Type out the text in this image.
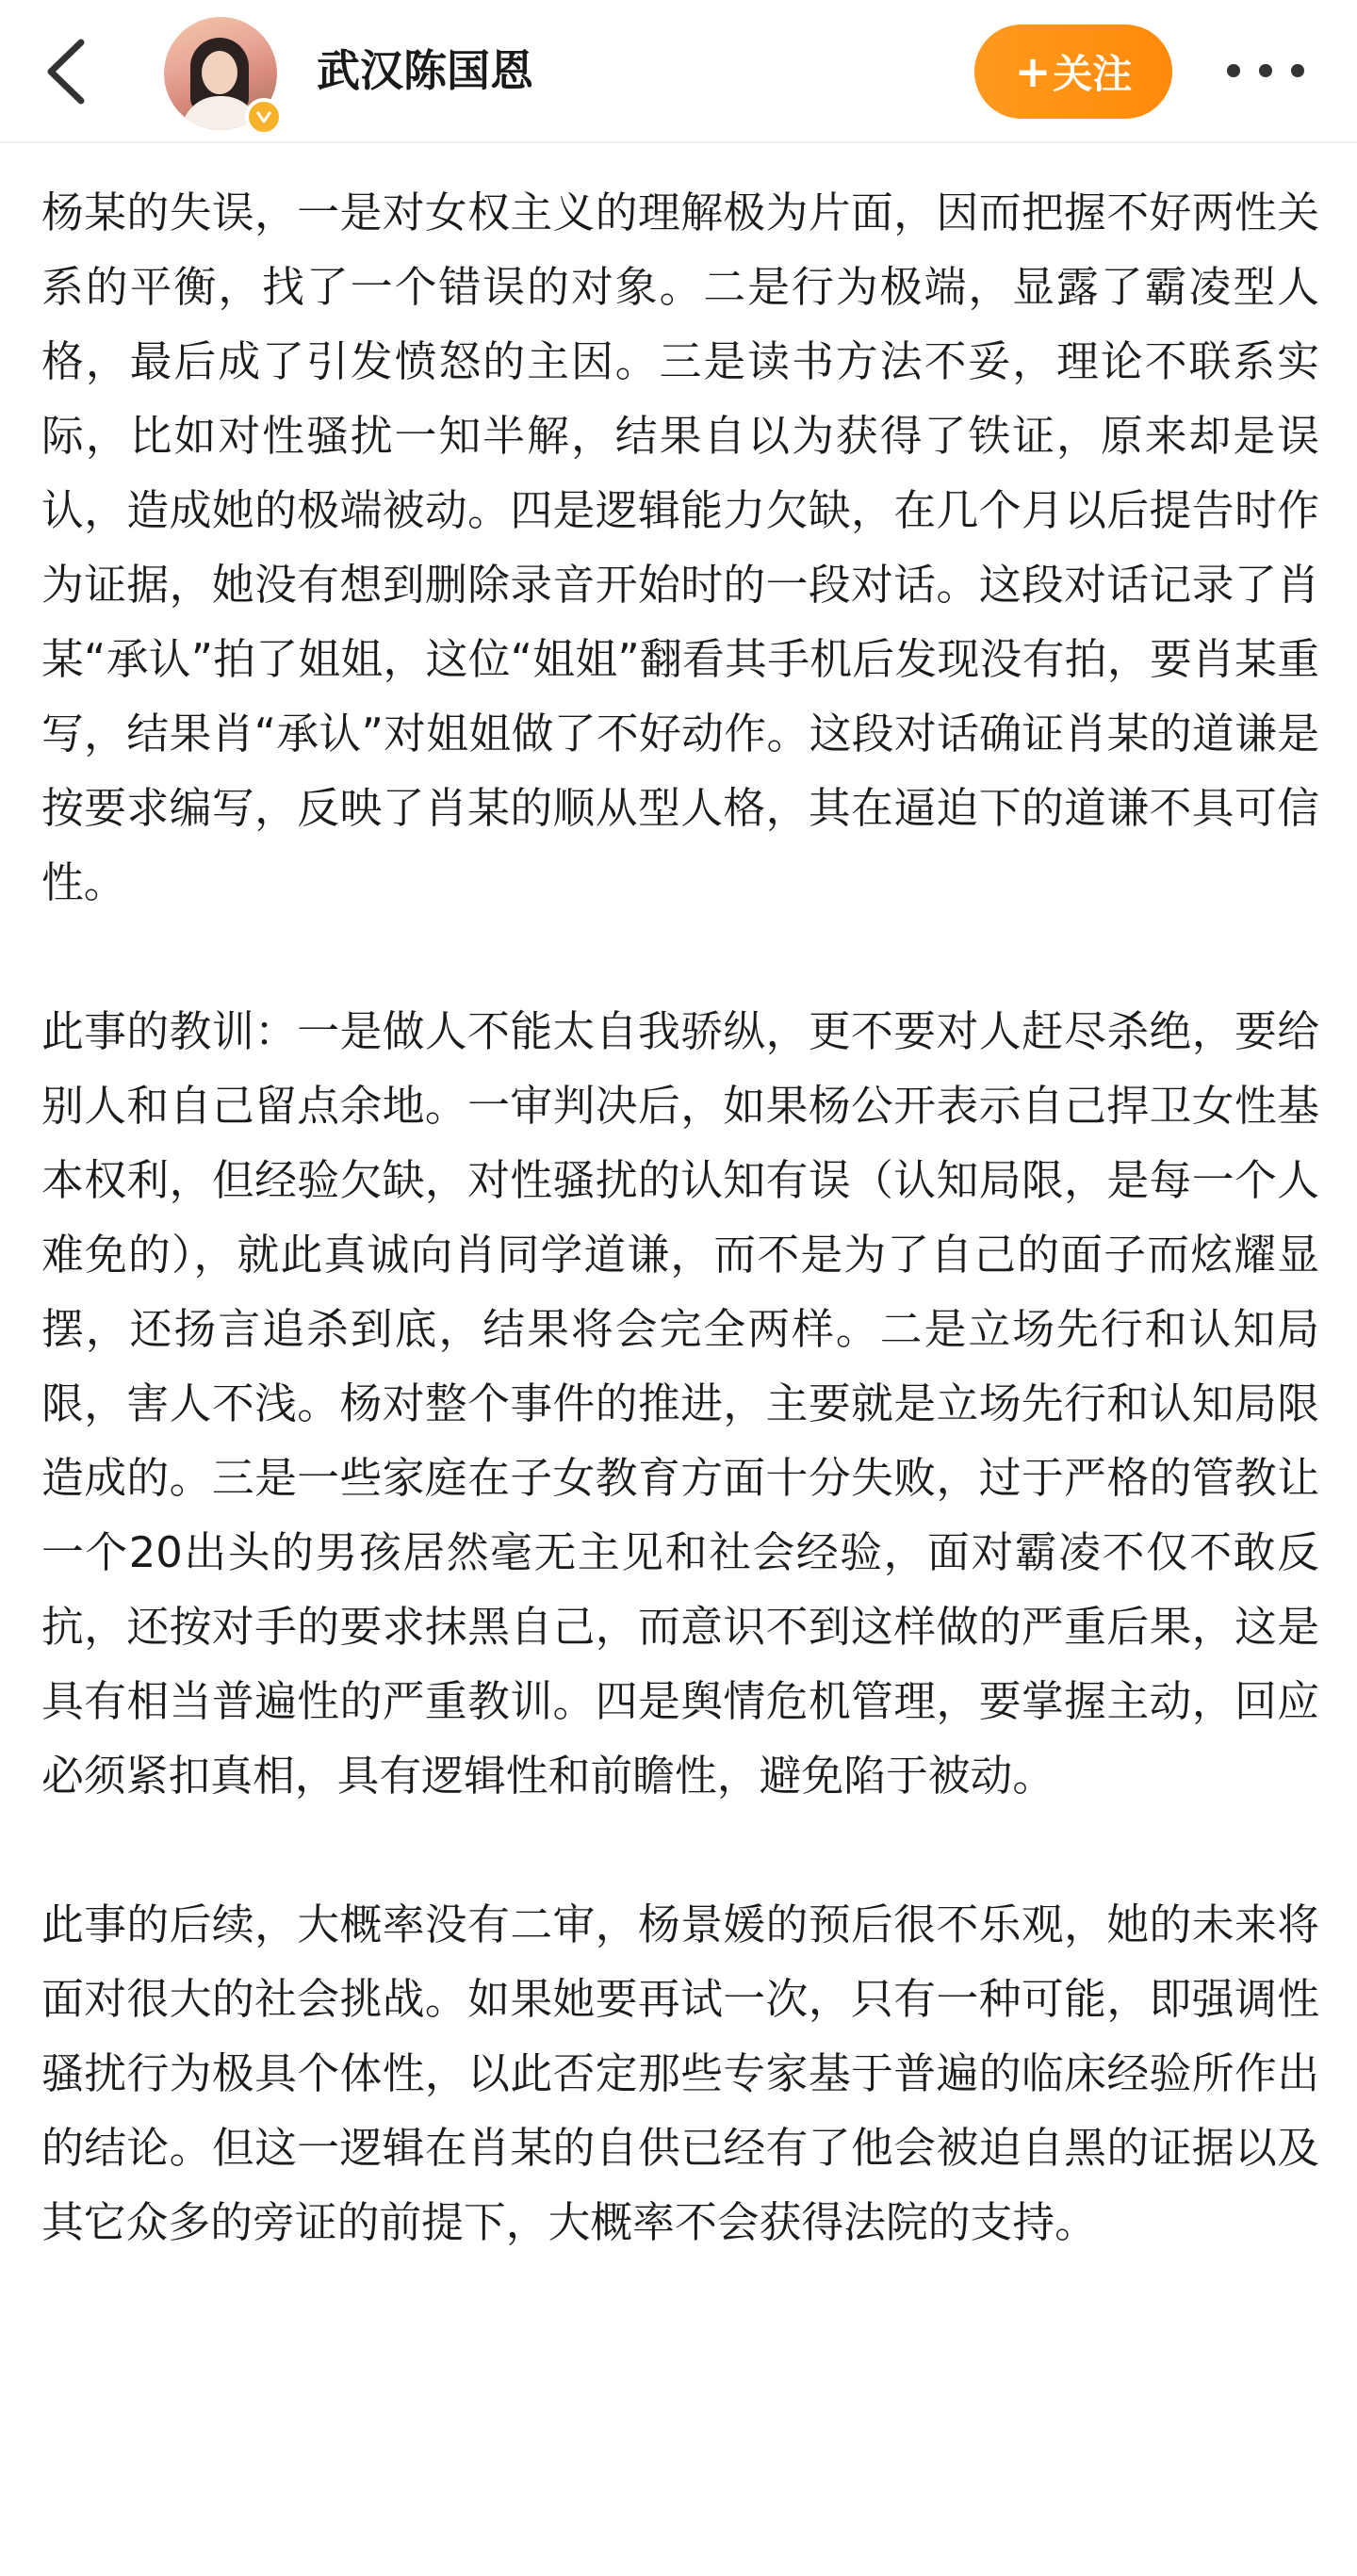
武汉陈国恩	+ 关注

杨某的失误，一是对女权主义的理解极为片面，因而把握不好两性关系的平衡，找了一个错误的对象。二是行为极端，显露了霸凌型人格，最后成了引发愤怒的主因。三是读书方法不妥，理论不联系实际，比如对性骚扰一知半解，结果自以为获得了铁证，原来却是误认，造成她的极端被动。四是逻辑能力欠缺，在几个月以后提告时作为证据，她没有想到删除录音开始时的一段对话。这段对话记录了肖某“承认”拍了姐姐，这位“姐姐”翻看其手机后发现没有拍，要肖某重写，结果肖“承认”对姐姐做了不好动作。这段对话确证肖某的道谦是按要求编写，反映了肖某的顺从型人格，其在逼迫下的道谦不具可信性。

此事的教训：一是做人不能太自我骄纵，更不要对人赶尽杀绝，要给别人和自己留点余地。一审判决后，如果杨公开表示自己捍卫女性基本权利，但经验欠缺，对性骚扰的认知有误（认知局限，是每一个人难免的），就此真诚向肖同学道谦，而不是为了自己的面子而炫耀显摆，还扬言追杀到底，结果将会完全两样。二是立场先行和认知局限，害人不浅。杨对整个事件的推进，主要就是立场先行和认知局限造成的。三是一些家庭在子女教育方面十分失败，过于严格的管教让一个20出头的男孩居然毫无主见和社会经验，面对霸凌不仅不敢反抗，还按对手的要求抹黑自己，而意识不到这样做的严重后果，这是具有相当普遍性的严重教训。四是舆情危机管理，要掌握主动，回应必须紧扣真相，具有逻辑性和前瞻性，避免陷于被动。

此事的后续，大概率没有二审，杨景媛的预后很不乐观，她的未来将面对很大的社会挑战。如果她要再试一次，只有一种可能，即强调性骚扰行为极具个体性，以此否定那些专家基于普遍的临床经验所作出的结论。但这一逻辑在肖某的自供已经有了他会被迫自黑的证据以及其它众多的旁证的前提下，大概率不会获得法院的支持。
